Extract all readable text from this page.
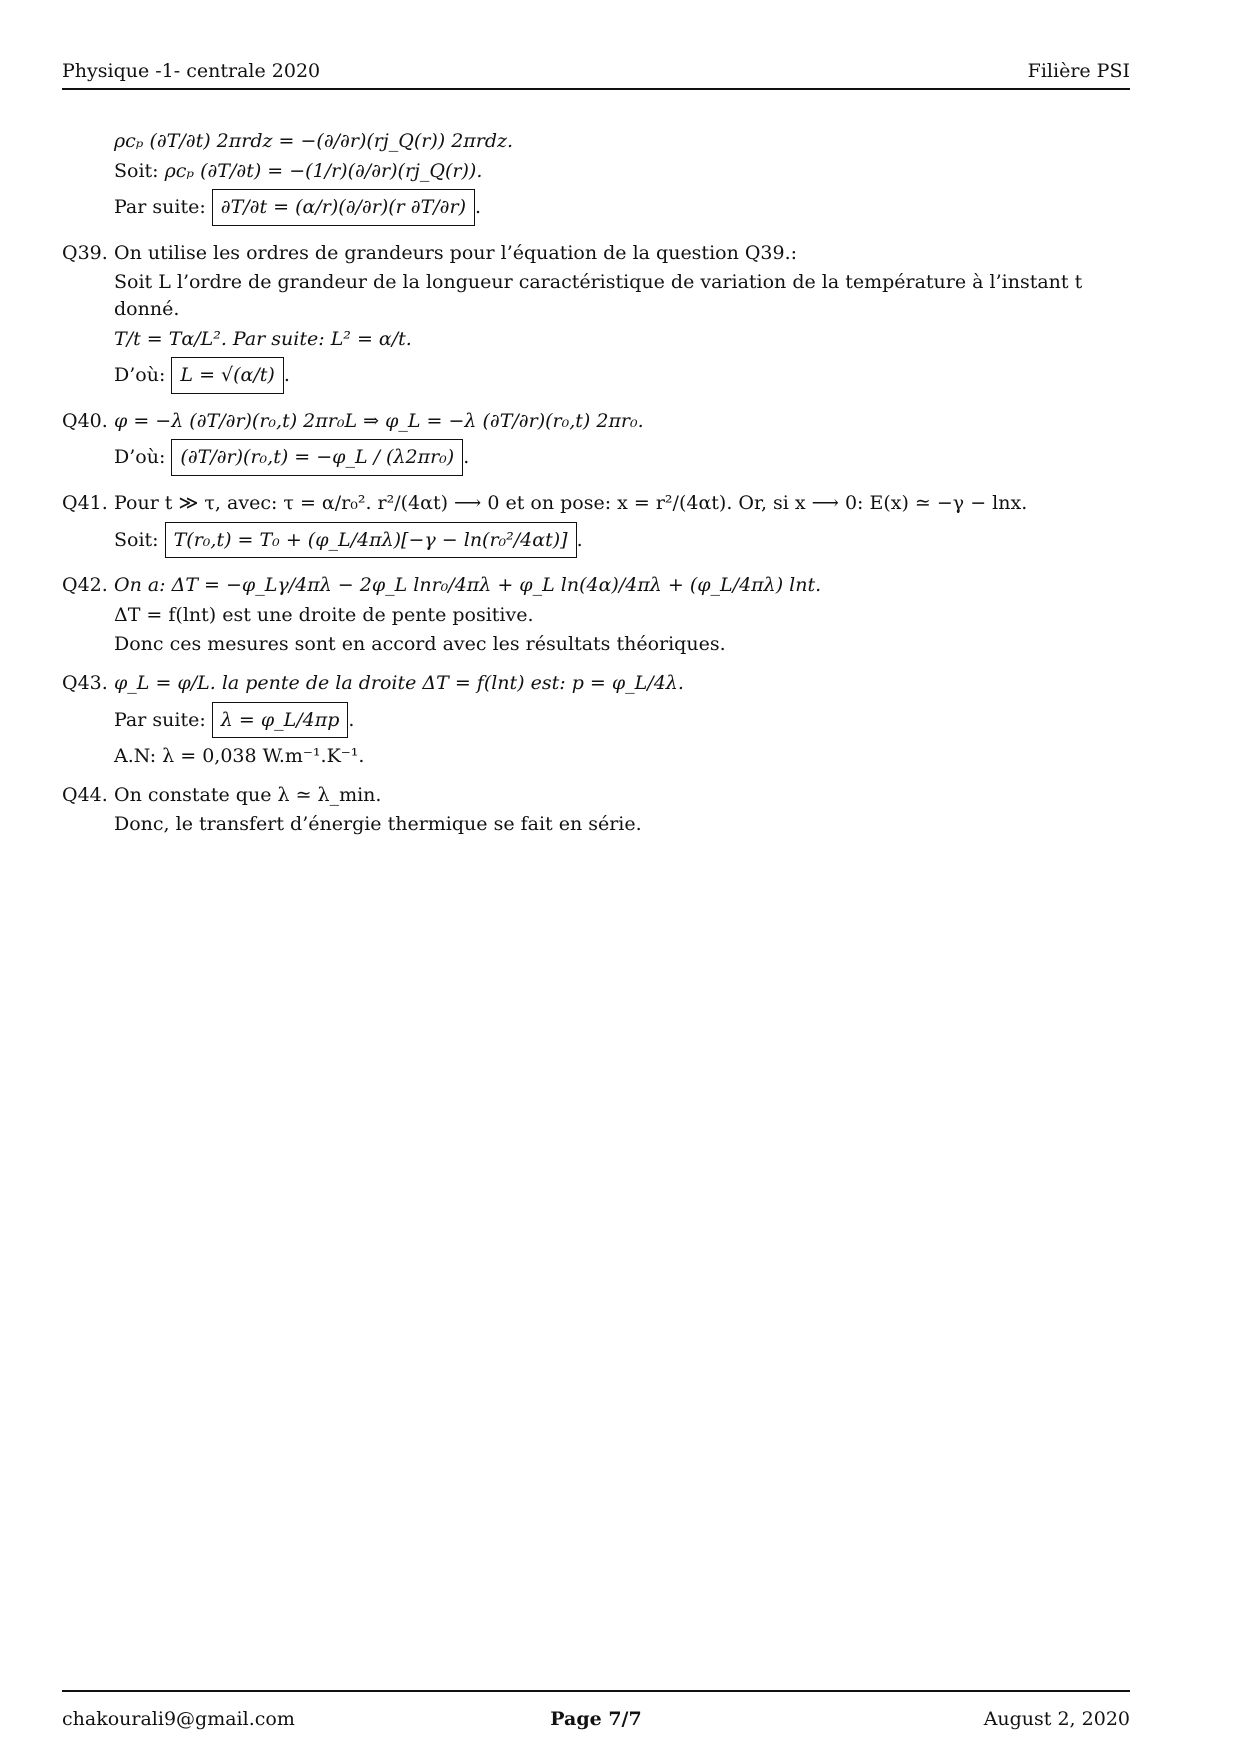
Physique -1- centrale 2020	Filière PSI
ρcₚ (∂T/∂t) 2πrdz = −(∂/∂r)(rj_Q(r)) 2πrdz.
Soit: ρcₚ (∂T/∂t) = −(1/r)(∂/∂r)(rj_Q(r)).
Par suite: ∂T/∂t = (α/r)(∂/∂r)(r ∂T/∂r) .
Q39. On utilise les ordres de grandeurs pour l’équation de la question Q39.:
Soit L l’ordre de grandeur de la longueur caractéristique de variation de la température à l’instant t donné.
T/t = Tα/L². Par suite: L² = α/t.
D’où: L = √(α/t) .
Q40. φ = −λ (∂T/∂r)(r₀,t) 2πr₀L ⇒ φ_L = −λ (∂T/∂r)(r₀,t) 2πr₀.
D’où: (∂T/∂r)(r₀,t) = −φ_L / (λ2πr₀) .
Q41. Pour t ≫ τ, avec: τ = α/r₀². r²/(4αt) ⟶ 0 et on pose: x = r²/(4αt). Or, si x ⟶ 0: E(x) ≃ −γ − lnx.
Soit: T(r₀,t) = T₀ + (φ_L/4πλ)[−γ − ln(r₀²/4αt)] .
Q42. On a: ΔT = −φ_Lγ/4πλ − 2φ_L lnr₀/4πλ + φ_L ln(4α)/4πλ + (φ_L/4πλ) lnt.
ΔT = f(lnt) est une droite de pente positive.
Donc ces mesures sont en accord avec les résultats théoriques.
Q43. φ_L = φ/L. la pente de la droite ΔT = f(lnt) est: p = φ_L/4λ.
Par suite: λ = φ_L/4πp .
A.N: λ = 0,038 W.m⁻¹.K⁻¹.
Q44. On constate que λ ≃ λ_min.
Donc, le transfert d’énergie thermique se fait en série.
chakourali9@gmail.com	Page 7/7	August 2, 2020
